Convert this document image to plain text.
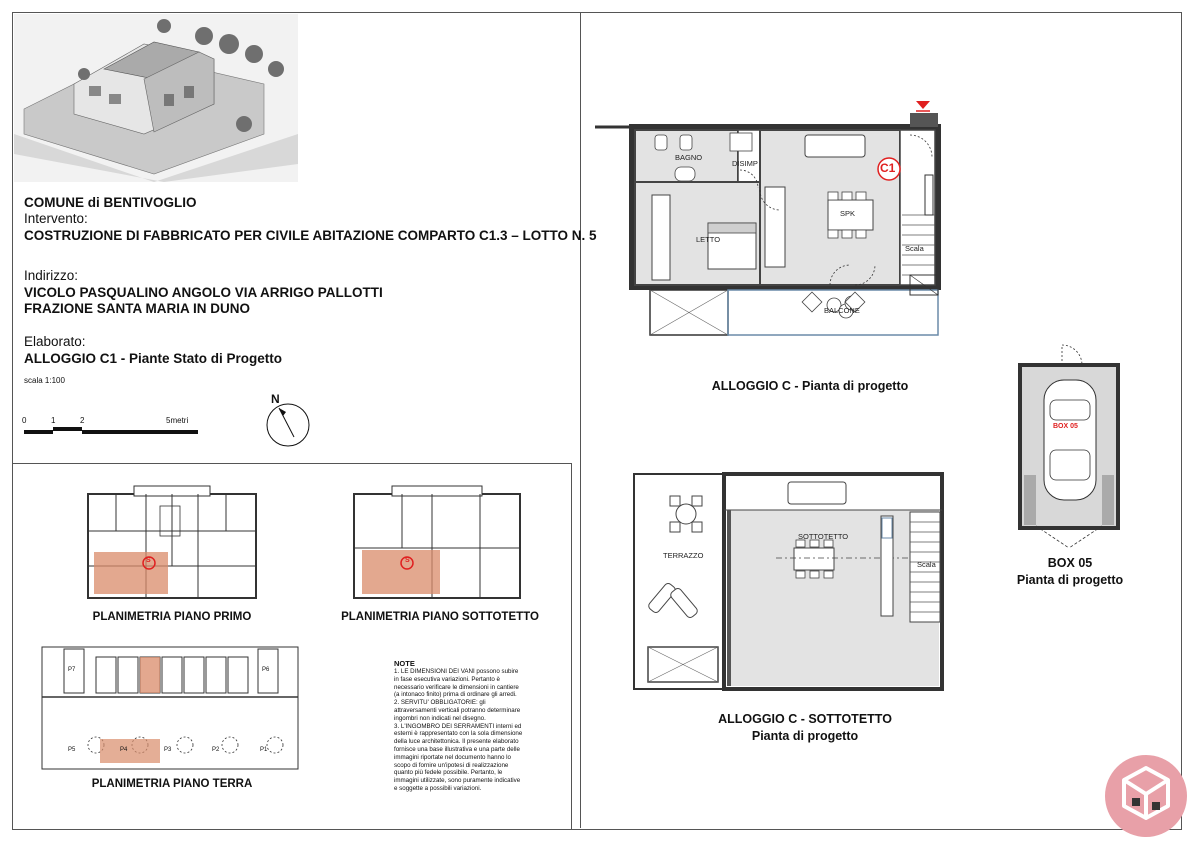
COMUNE di BENTIVOGLIO
Intervento:
COSTRUZIONE DI FABBRICATO PER CIVILE ABITAZIONE COMPARTO C1.3 – LOTTO N. 5
Indirizzo:
VICOLO PASQUALINO ANGOLO VIA ARRIGO PALLOTTI
FRAZIONE SANTA MARIA IN DUNO
Elaborato:
ALLOGGIO C1 - Piante Stato di Progetto
scala 1:100
0	1	2	5metri
N
BAGNO
DISIMP
LETTO
SPK
Scala
BALCONE
C1
ALLOGGIO C - Pianta di progetto
SOTTOTETTO
TERRAZZO
Scala
ALLOGGIO C - SOTTOTETTO
Pianta di progetto
BOX 05
BOX 05
Pianta di progetto
S
PLANIMETRIA PIANO PRIMO
S
PLANIMETRIA PIANO SOTTOTETTO
P7	P6
P5	P4	P3	P2	P1
PLANIMETRIA PIANO TERRA
NOTE
1. LE DIMENSIONI DEI VANI possono subire
in fase esecutiva variazioni. Pertanto è
necessario verificare le dimensioni in cantiere
(a intonaco finito) prima di ordinare gli arredi.
2. SERVITU' OBBLIGATORIE: gli
attraversamenti verticali potranno determinare
ingombri non indicati nel disegno.
3. L'INGOMBRO DEI SERRAMENTI interni ed
esterni è rappresentato con la sola dimensione
della luce architettonica. Il presente elaborato
fornisce una base illustrativa e una parte delle
immagini riportate nel documento hanno lo
scopo di fornire un'ipotesi di realizzazione
quanto più fedele possibile. Pertanto, le
immagini utilizzate, sono puramente indicative
e soggette a possibili variazioni.
